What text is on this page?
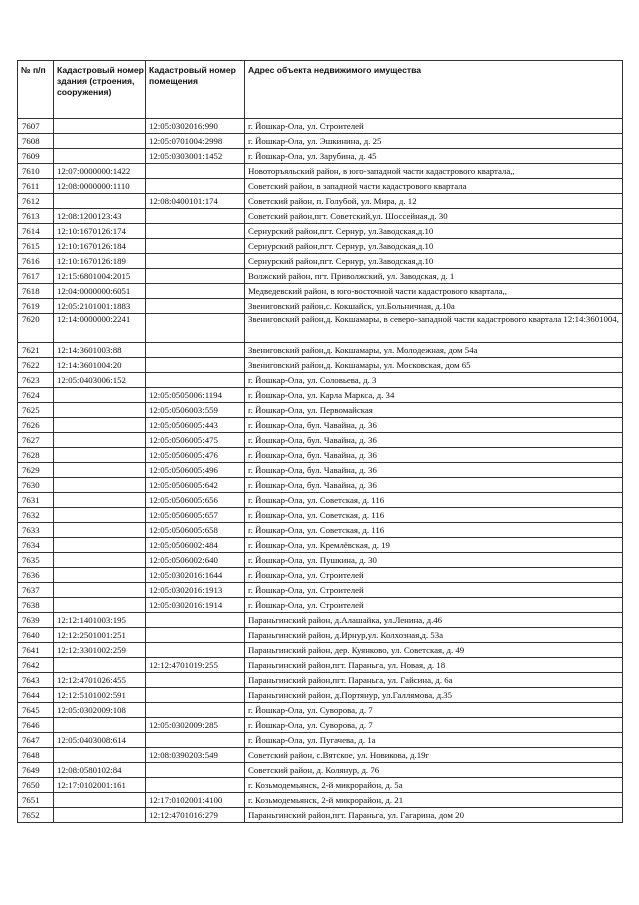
№ п/п	Кадастровый номер здания (строения, сооружения)	Кадастровый номер помещения	Адрес объекта недвижимого имущества
7607		12:05:0302016:990	г. Йошкар-Ола, ул. Строителей
7608		12:05:0701004:2998	г. Йошкар-Ола, ул. Эшкинина, д. 25
7609		12:05:0303001:1452	г. Йошкар-Ола, ул. Зарубина, д. 45
7610	12:07:0000000:1422		Новоторъяльский район, в юго-западной части кадастрового квартала,,
7611	12:08:0000000:1110		Советский район, в западной части кадастрового квартала
7612		12:08:0400101:174	Советский район, п. Голубой, ул. Мира, д. 12
7613	12:08:1200123:43		Советский район,пгт. Советский,ул. Шоссейная,д. 30
7614	12:10:1670126:174		Сернурский район,пгт. Сернур, ул.Заводская,д.10
7615	12:10:1670126:184		Сернурский район,пгт. Сернур, ул.Заводская,д.10
7616	12:10:1670126:189		Сернурский район,пгт. Сернур, ул.Заводская,д.10
7617	12:15:6801004:2015		Волжский район, пгт. Приволжский, ул. Заводская, д. 1
7618	12:04:0000000:6051		Медведевский район, в юго-восточной части кадастрового квартала,,
7619	12:05:2101001:1883		Звениговский район,с. Кокшайск, ул.Больничная, д.10а
7620	12:14:0000000:2241		Звениговский район,д. Кокшамары, в северо-западной части кадастрового квартала 12:14:3601004,
7621	12:14:3601003:88		Звениговский район,д. Кокшамары, ул. Молодежная, дом 54а
7622	12:14:3601004:20		Звениговский район,д. Кокшамары, ул. Московская, дом 65
7623	12:05:0403006:152		г. Йошкар-Ола, ул. Соловьева, д. 3
7624		12:05:0505006:1194	г. Йошкар-Ола, ул. Карла Маркса, д. 34
7625		12:05:0506003:559	г. Йошкар-Ола, ул. Первомайская
7626		12:05:0506005:443	г. Йошкар-Ола, бул. Чавайна, д. 36
7627		12:05:0506005:475	г. Йошкар-Ола, бул. Чавайна, д. 36
7628		12:05:0506005:476	г. Йошкар-Ола, бул. Чавайна, д. 36
7629		12:05:0506005:496	г. Йошкар-Ола, бул. Чавайна, д. 36
7630		12:05:0506005:642	г. Йошкар-Ола, бул. Чавайна, д. 36
7631		12:05:0506005:656	г. Йошкар-Ола, ул. Советская, д. 116
7632		12:05:0506005:657	г. Йошкар-Ола, ул. Советская, д. 116
7633		12:05:0506005:658	г. Йошкар-Ола, ул. Советская, д. 116
7634		12:05:0506002:484	г. Йошкар-Ола, ул. Кремлёвская, д. 19
7635		12:05:0506002:640	г. Йошкар-Ола, ул. Пушкина, д. 30
7636		12:05:0302016:1644	г. Йошкар-Ола, ул. Строителей
7637		12:05:0302016:1913	г. Йошкар-Ола, ул. Строителей
7638		12:05:0302016:1914	г. Йошкар-Ола, ул. Строителей
7639	12:12:1401003:195		Параньгинский район, д.Алашайка, ул.Ленина, д.46
7640	12:12:2501001:251		Параньгинский район, д.Ирнур,ул. Колхозная,д. 53а
7641	12:12:3301002:259		Параньгинский район, дер. Куянково, ул. Советская, д. 49
7642		12:12:4701019:255	Параньгинский район,пгт. Параньга, ул. Новая, д. 18
7643	12:12:4701026:455		Параньгинский район,пгт. Параньга, ул. Гайсина, д. 6а
7644	12:12:5101002:591		Параньгинский район, д.Портянур, ул.Галлямова, д.35
7645	12:05:0302009:108		г. Йошкар-Ола, ул. Суворова, д. 7
7646		12:05:0302009:285	г. Йошкар-Ола, ул. Суворова, д. 7
7647	12:05:0403008:614		г. Йошкар-Ола, ул. Пугачева, д. 1а
7648		12:08:0390203:549	Советский район, с.Вятское, ул. Новикова, д.19г
7649	12:08:0580102:84		Советский район, д. Колянур, д. 76
7650	12:17:0102001:161		г. Козьмодемьянск, 2-й микрорайон, д. 5а
7651		12:17:0102001:4100	г. Козьмодемьянск, 2-й микрорайон, д. 21
7652		12:12:4701016:279	Параньгинский район,пгт. Параньга, ул. Гагарина, дом 20
